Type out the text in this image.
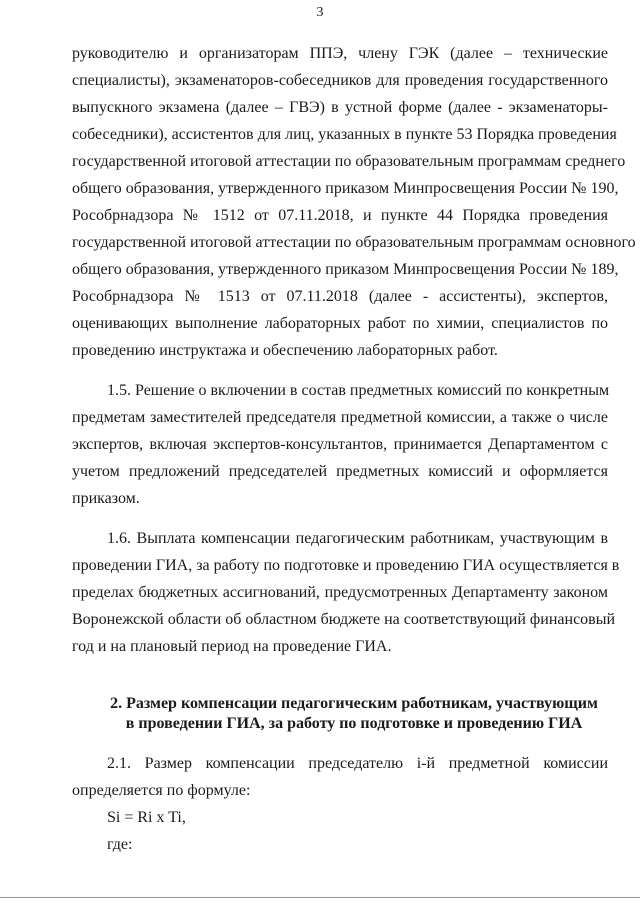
3
руководителю и организаторам ППЭ, члену ГЭК (далее – технические
специалисты), экзаменаторов-собеседников для проведения государственного
выпускного экзамена (далее – ГВЭ) в устной форме (далее - экзаменаторы-
собеседники), ассистентов для лиц, указанных в пункте 53 Порядка проведения
государственной итоговой аттестации по образовательным программам среднего
общего образования, утвержденного приказом Минпросвещения России № 190,
Рособрнадзора № 1512 от 07.11.2018, и пункте 44 Порядка проведения
государственной итоговой аттестации по образовательным программам основного
общего образования, утвержденного приказом Минпросвещения России № 189,
Рособрнадзора № 1513 от 07.11.2018 (далее - ассистенты), экспертов,
оценивающих выполнение лабораторных работ по химии, специалистов по
проведению инструктажа и обеспечению лабораторных работ.
1.5. Решение о включении в состав предметных комиссий по конкретным
предметам заместителей председателя предметной комиссии, а также о числе
экспертов, включая экспертов-консультантов, принимается Департаментом с
учетом предложений председателей предметных комиссий и оформляется
приказом.
1.6. Выплата компенсации педагогическим работникам, участвующим в
проведении ГИА, за работу по подготовке и проведению ГИА осуществляется в
пределах бюджетных ассигнований, предусмотренных Департаменту законом
Воронежской области об областном бюджете на соответствующий финансовый
год и на плановый период на проведение ГИА.
2. Размер компенсации педагогическим работникам, участвующим
в проведении ГИА, за работу по подготовке и проведению ГИА
2.1. Размер компенсации председателю i-й предметной комиссии
определяется по формуле:
Si = Ri x Ti,
где:
